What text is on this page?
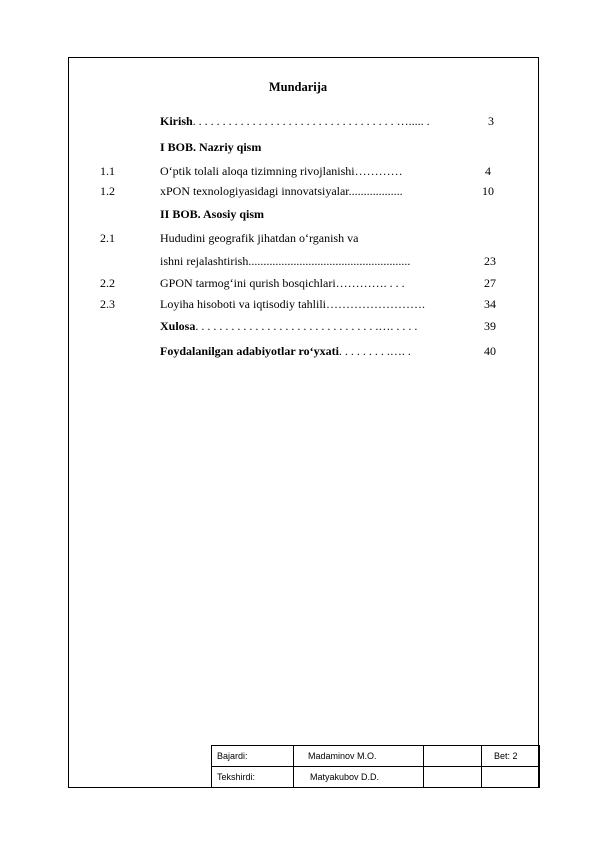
Mundarija
Kirish. . . . . . . . . . . . . . . . . . . . . . . . . . . . . . . . . . …..... .	3
I BOB. Nazriy qism
1.1	O‘ptik tolali aloqa tizimning rivojlanishi…………	4
1.2	xPON texnologiyasidagi innovatsiyalar..................	10
II BOB. Asosiy qism
2.1	Hududini geografik jihatdan o‘rganish va
ishni rejalashtirish......................................................	23
2.2	GPON tarmog‘ini qurish bosqichlari…………. . . .	27
2.3	Loyiha hisoboti va iqtisodiy tahlili…………………….	34
Xulosa. . . . . . . . . . . . . . . . . . . . . . . . . . . . . . .…. . . . .	39
Foydalanilgan adabiyotlar ro‘yxati. . . . . . . . .…. .	40
Bajardi:	Madaminov M.O.		Bet: 2
Tekshirdi:	Matyakubov D.D.		
